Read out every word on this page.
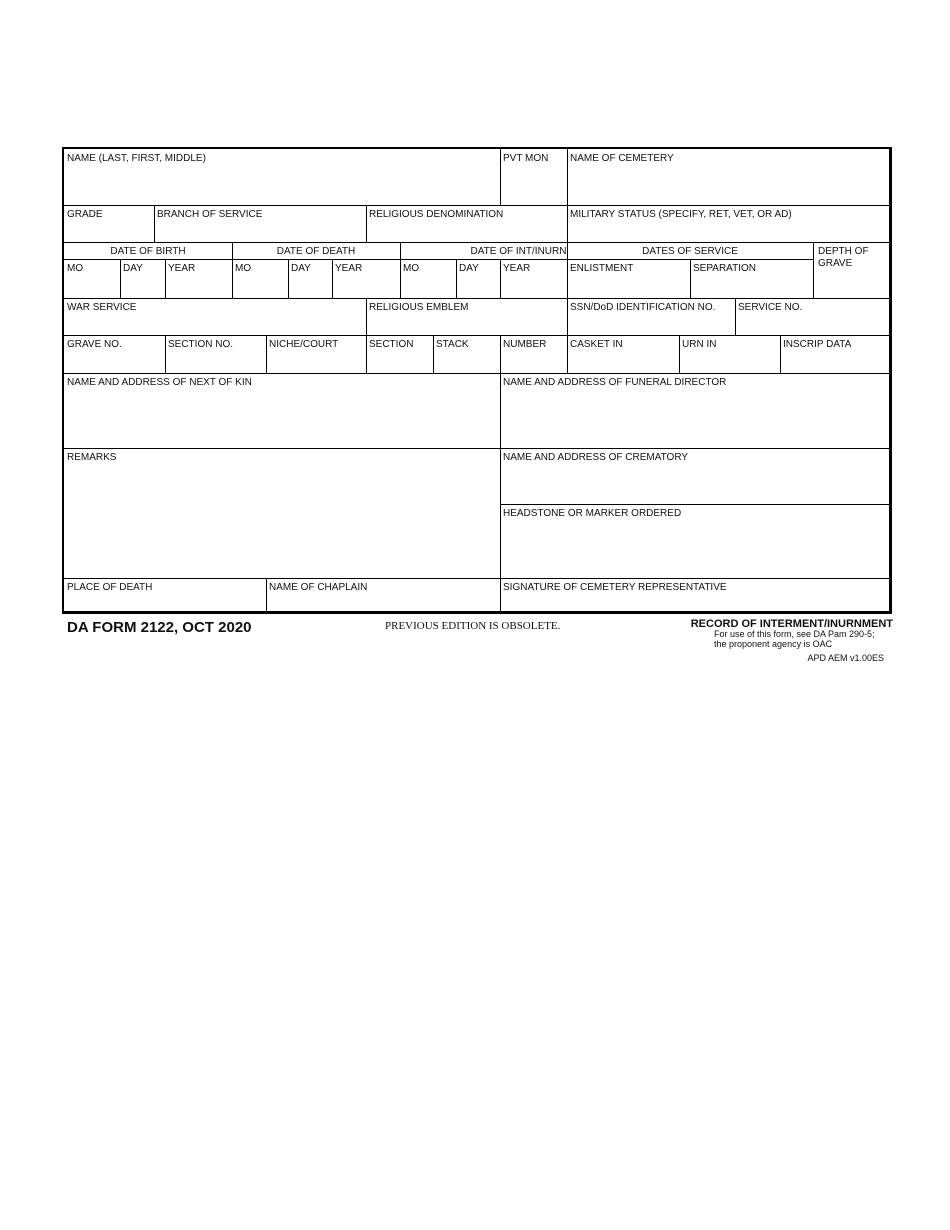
NAME (LAST, FIRST, MIDDLE)	PVT MON	NAME OF CEMETERY
GRADE	BRANCH OF SERVICE	RELIGIOUS DENOMINATION	MILITARY STATUS (SPECIFY, RET, VET, OR AD)
DATE OF BIRTH	DATE OF DEATH	DATE OF INT/INURN	DATES OF SERVICE	DEPTH OF GRAVE
MO	DAY	YEAR	MO	DAY	YEAR	MO	DAY	YEAR	ENLISTMENT	SEPARATION
WAR SERVICE	RELIGIOUS EMBLEM	SSN/DoD IDENTIFICATION NO.	SERVICE NO.
GRAVE NO.	SECTION NO.	NICHE/COURT	SECTION	STACK	NUMBER	CASKET IN	URN IN	INSCRIP DATA
NAME AND ADDRESS OF NEXT OF KIN	NAME AND ADDRESS OF FUNERAL DIRECTOR
REMARKS	NAME AND ADDRESS OF CREMATORY
HEADSTONE OR MARKER ORDERED
PLACE OF DEATH	NAME OF CHAPLAIN	SIGNATURE OF CEMETERY REPRESENTATIVE
DA FORM 2122, OCT 2020	PREVIOUS EDITION IS OBSOLETE.	RECORD OF INTERMENT/INURNMENT
For use of this form, see DA Pam 290-5;
the proponent agency is OAC
APD AEM v1.00ES
